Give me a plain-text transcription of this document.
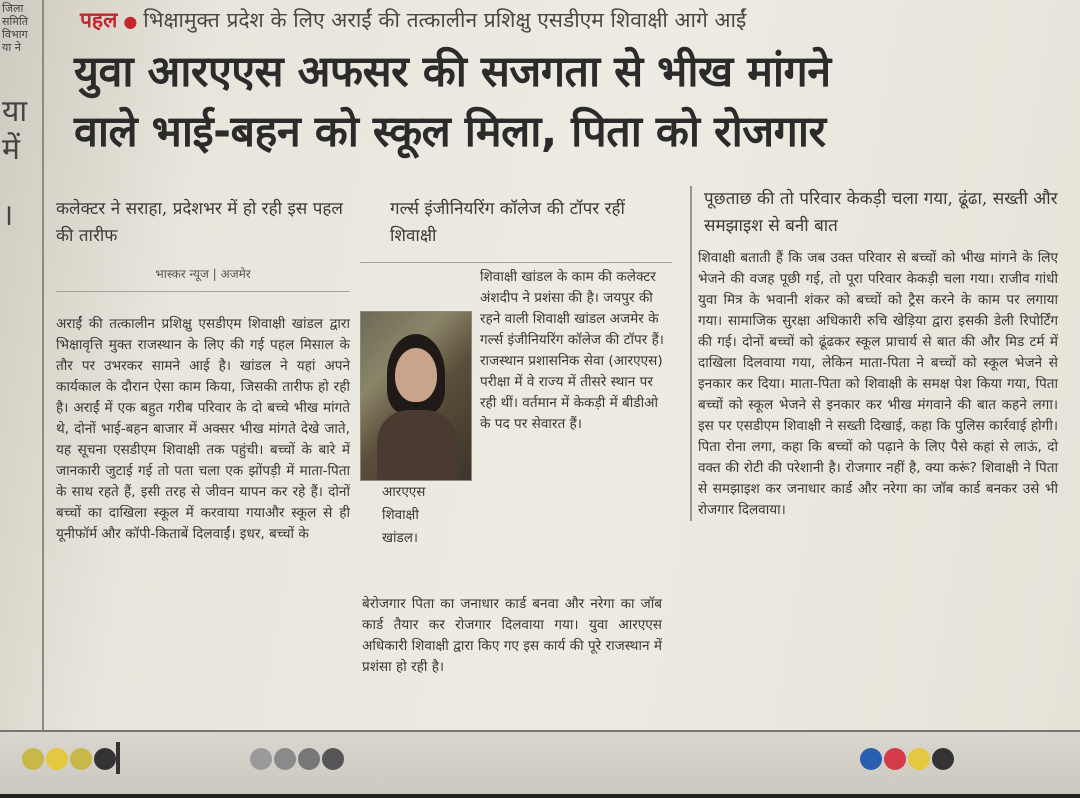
जिला
समिति
विभाग
या ने
या
में
।
पहल ● भिक्षामुक्त प्रदेश के लिए अराईं की तत्कालीन प्रशिक्षु एसडीएम शिवाक्षी आगे आईं
युवा आरएएस अफसर की सजगता से भीख मांगने
वाले भाई-बहन को स्कूल मिला, पिता को रोजगार
कलेक्टर ने सराहा, प्रदेशभर में हो रही इस पहल की तारीफ
भास्कर न्यूज | अजमेर
अराईं की तत्कालीन प्रशिक्षु एसडीएम शिवाक्षी खांडल द्वारा भिक्षावृत्ति मुक्त राजस्थान के लिए की गई पहल मिसाल के तौर पर उभरकर सामने आई है। खांडल ने यहां अपने कार्यकाल के दौरान ऐसा काम किया, जिसकी तारीफ हो रही है। अराईं में एक बहुत गरीब परिवार के दो बच्चे भीख मांगते थे, दोनों भाई-बहन बाजार में अक्सर भीख मांगते देखे जाते, यह सूचना एसडीएम शिवाक्षी तक पहुंची। बच्चों के बारे में जानकारी जुटाई गई तो पता चला एक झोंपड़ी में माता-पिता के साथ रहते हैं, इसी तरह से जीवन यापन कर रहे हैं। दोनों बच्चों का दाखिला स्कूल में करवाया गयाऔर स्कूल से ही यूनीफॉर्म और कॉपी-किताबें दिलवाईं। इधर, बच्चों के
गर्ल्स इंजीनियरिंग कॉलेज की टॉपर रहीं शिवाक्षी
आरएएस
शिवाक्षी
खांडल।
शिवाक्षी खांडल के काम की कलेक्टर अंशदीप ने प्रशंसा की है। जयपुर की रहने वाली शिवाक्षी खांडल अजमेर के गर्ल्स इंजीनियरिंग कॉलेज की टॉपर हैं। राजस्थान प्रशासनिक सेवा (आरएएस) परीक्षा में वे राज्य में तीसरे स्थान पर रही थीं। वर्तमान में केकड़ी में बीडीओ के पद पर सेवारत हैं।
बेरोजगार पिता का जनाधार कार्ड बनवा और नरेगा का जॉब कार्ड तैयार कर रोजगार दिलवाया गया। युवा आरएएस अधिकारी शिवाक्षी द्वारा किए गए इस कार्य की पूरे राजस्थान में प्रशंसा हो रही है।
पूछताछ की तो परिवार केकड़ी चला गया, ढूंढा, सख्ती और समझाइश से बनी बात
शिवाक्षी बताती हैं कि जब उक्त परिवार से बच्चों को भीख मांगने के लिए भेजने की वजह पूछी गई, तो पूरा परिवार केकड़ी चला गया। राजीव गांधी युवा मित्र के भवानी शंकर को बच्चों को ट्रैस करने के काम पर लगाया गया। सामाजिक सुरक्षा अधिकारी रुचि खेड़िया द्वारा इसकी डेली रिपोर्टिंग की गई। दोनों बच्चों को ढूंढकर स्कूल प्राचार्य से बात की और मिड टर्म में दाखिला दिलवाया गया, लेकिन माता-पिता ने बच्चों को स्कूल भेजने से इनकार कर दिया। माता-पिता को शिवाक्षी के समक्ष पेश किया गया, पिता बच्चों को स्कूल भेजने से इनकार कर भीख मंगवाने की बात कहने लगा। इस पर एसडीएम शिवाक्षी ने सख्ती दिखाई, कहा कि पुलिस कार्रवाई होगी। पिता रोना लगा, कहा कि बच्चों को पढ़ाने के लिए पैसे कहां से लाऊं, दो वक्त की रोटी की परेशानी है। रोजगार नहीं है, क्या करूं? शिवाक्षी ने पिता से समझाइश कर जनाधार कार्ड और नरेगा का जॉब कार्ड बनकर उसे भी रोजगार दिलवाया।
